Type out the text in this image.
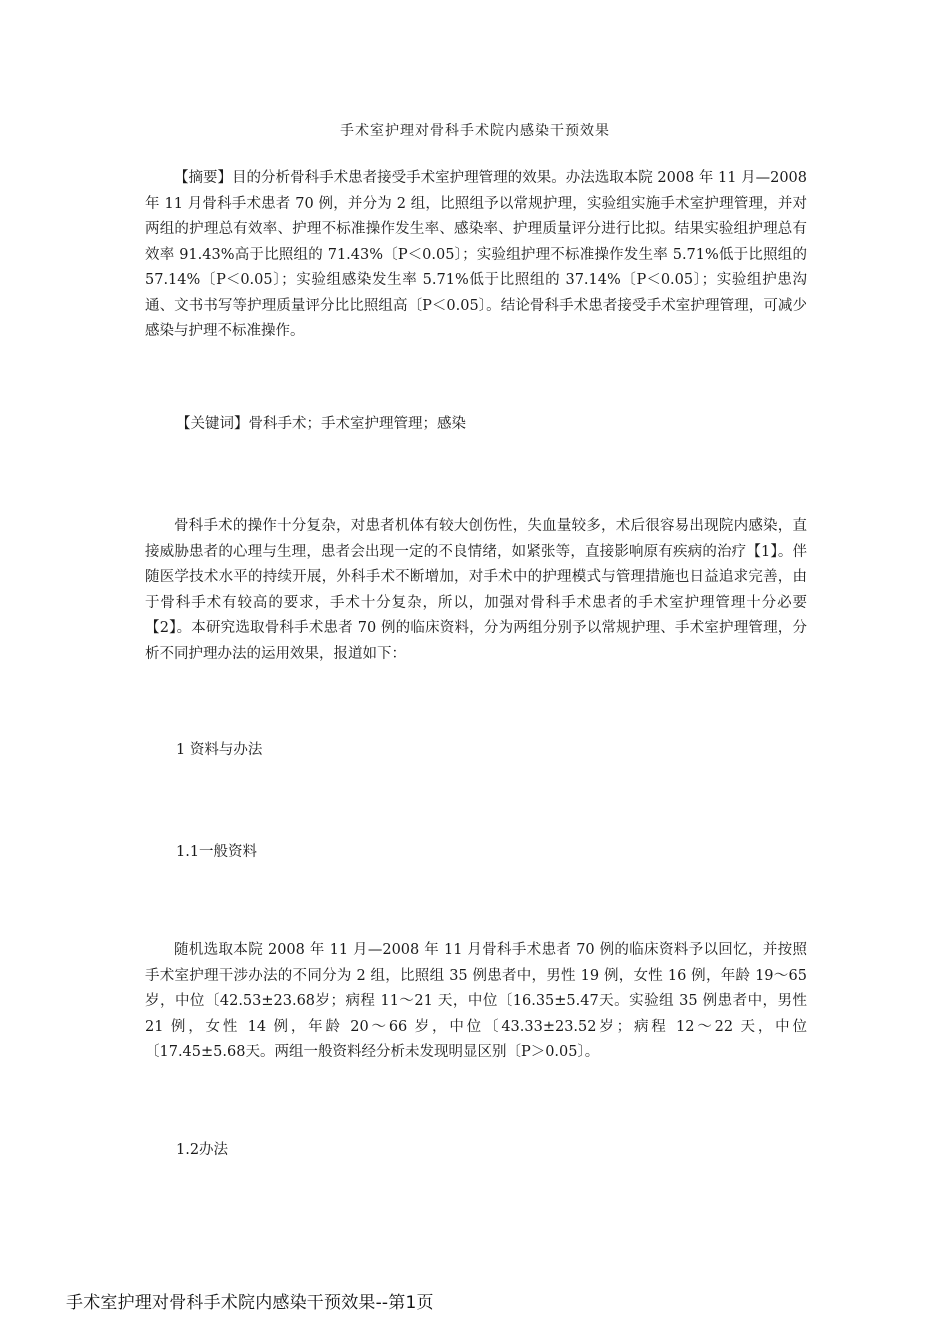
手术室护理对骨科手术院内感染干预效果

【摘要】目的分析骨科手术患者接受手术室护理管理的效果。办法选取本院 2008 年 11 月—2008 年 11 月骨科手术患者 70 例，并分为 2 组，比照组予以常规护理，实验组实施手术室护理管理，并对两组的护理总有效率、护理不标准操作发生率、感染率、护理质量评分进行比拟。结果实验组护理总有效率 91.43%高于比照组的 71.43%〔P＜0.05〕；实验组护理不标准操作发生率 5.71%低于比照组的 57.14%〔P＜0.05〕；实验组感染发生率 5.71%低于比照组的 37.14%〔P＜0.05〕；实验组护患沟通、文书书写等护理质量评分比比照组高〔P＜0.05〕。结论骨科手术患者接受手术室护理管理，可减少感染与护理不标准操作。

【关键词】骨科手术；手术室护理管理；感染

骨科手术的操作十分复杂，对患者机体有较大创伤性，失血量较多，术后很容易出现院内感染，直接威胁患者的心理与生理，患者会出现一定的不良情绪，如紧张等，直接影响原有疾病的治疗【1】。伴随医学技术水平的持续开展，外科手术不断增加，对手术中的护理模式与管理措施也日益追求完善，由于骨科手术有较高的要求，手术十分复杂，所以，加强对骨科手术患者的手术室护理管理十分必要【2】。本研究选取骨科手术患者 70 例的临床资料，分为两组分别予以常规护理、手术室护理管理，分析不同护理办法的运用效果，报道如下：

1 资料与办法

1.1一般资料

随机选取本院 2008 年 11 月—2008 年 11 月骨科手术患者 70 例的临床资料予以回忆，并按照手术室护理干涉办法的不同分为 2 组，比照组 35 例患者中，男性 19 例，女性 16 例，年龄 19～65 岁，中位〔42.53±23.68岁；病程 11～21 天，中位〔16.35±5.47天。实验组 35 例患者中，男性 21 例，女性 14 例，年龄 20～66 岁，中位〔43.33±23.52岁；病程 12～22 天，中位〔17.45±5.68天。两组一般资料经分析未发现明显区别〔P＞0.05〕。

1.2办法

手术室护理对骨科手术院内感染干预效果--第1页
